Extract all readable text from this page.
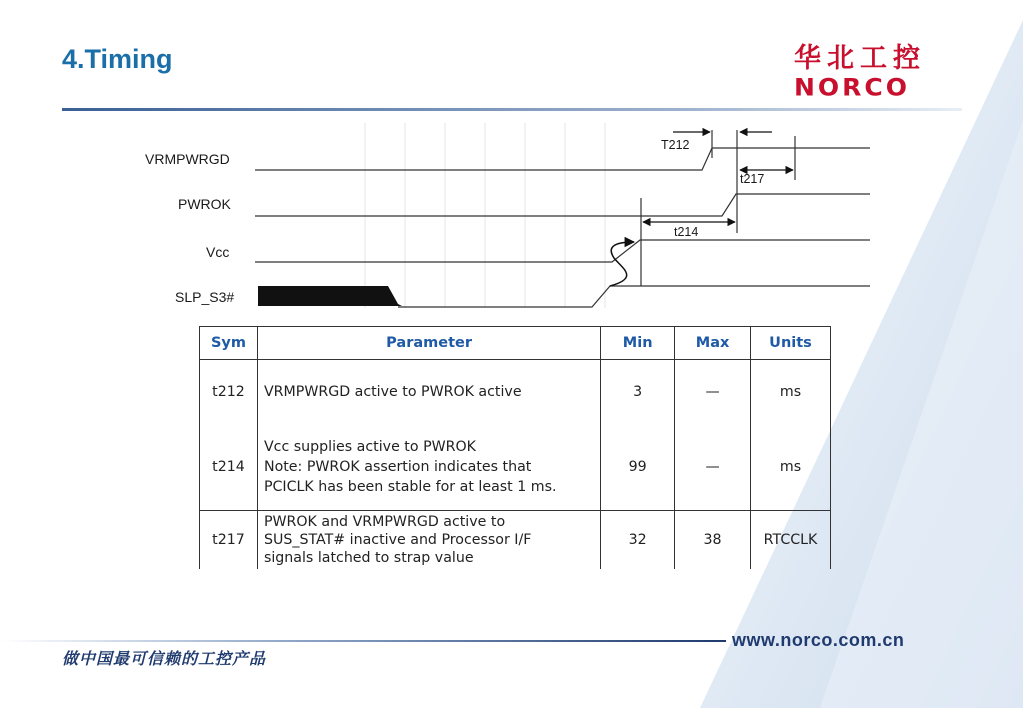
4.Timing	华北工控
NORCO
VRMPWRGD
PWROK
Vcc
SLP_S3#
T212
t217
t214
Sym	Parameter	Min	Max	Units
t212	VRMPWRGD active to PWROK active	3	—	ms
t214	Vcc supplies active to PWROK
Note: PWROK assertion indicates that
PCICLK has been stable for at least 1 ms.	99	—	ms
t217	PWROK and VRMPWRGD active to
SUS_STAT# inactive and Processor I/F
signals latched to strap value	32	38	RTCCLK
做中国最可信赖的工控产品
www.norco.com.cn
